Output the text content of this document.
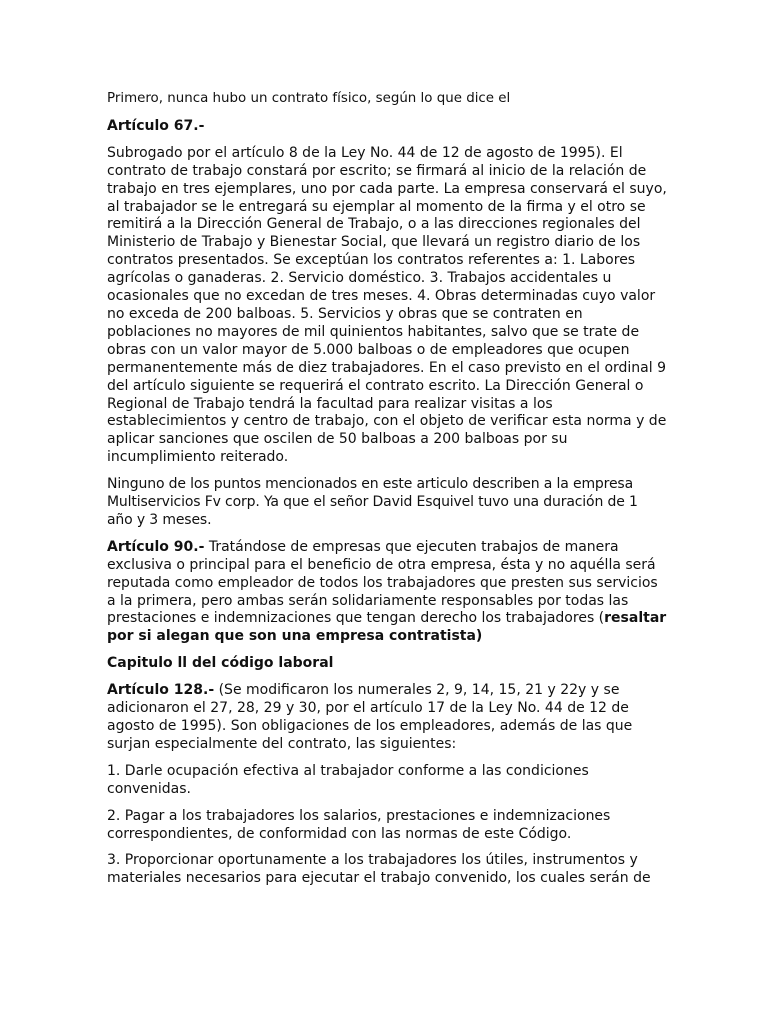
Primero, nunca hubo un contrato físico, según lo que dice el

Artículo 67.-

Subrogado por el artículo 8 de la Ley No. 44 de 12 de agosto de 1995). El contrato de trabajo constará por escrito; se firmará al inicio de la relación de trabajo en tres ejemplares, uno por cada parte. La empresa conservará el suyo, al trabajador se le entregará su ejemplar al momento de la firma y el otro se remitirá a la Dirección General de Trabajo, o a las direcciones regionales del Ministerio de Trabajo y Bienestar Social, que llevará un registro diario de los contratos presentados. Se exceptúan los contratos referentes a: 1. Labores agrícolas o ganaderas. 2. Servicio doméstico. 3. Trabajos accidentales u ocasionales que no excedan de tres meses. 4. Obras determinadas cuyo valor no exceda de 200 balboas. 5. Servicios y obras que se contraten en poblaciones no mayores de mil quinientos habitantes, salvo que se trate de obras con un valor mayor de 5.000 balboas o de empleadores que ocupen permanentemente más de diez trabajadores. En el caso previsto en el ordinal 9 del artículo siguiente se requerirá el contrato escrito. La Dirección General o Regional de Trabajo tendrá la facultad para realizar visitas a los establecimientos y centro de trabajo, con el objeto de verificar esta norma y de aplicar sanciones que oscilen de 50 balboas a 200 balboas por su incumplimiento reiterado.

Ninguno de los puntos mencionados en este articulo describen a la empresa Multiservicios Fv corp. Ya que el señor David Esquivel tuvo una duración de 1 año y 3 meses.

Artículo 90.- Tratándose de empresas que ejecuten trabajos de manera exclusiva o principal para el beneficio de otra empresa, ésta y no aquélla será reputada como empleador de todos los trabajadores que presten sus servicios a la primera, pero ambas serán solidariamente responsables por todas las prestaciones e indemnizaciones que tengan derecho los trabajadores (resaltar por si alegan que son una empresa contratista)

Capitulo ll del código laboral

Artículo 128.- (Se modificaron los numerales 2, 9, 14, 15, 21 y 22y y se adicionaron el 27, 28, 29 y 30, por el artículo 17 de la Ley No. 44 de 12 de agosto de 1995). Son obligaciones de los empleadores, además de las que surjan especialmente del contrato, las siguientes:

1. Darle ocupación efectiva al trabajador conforme a las condiciones convenidas.

2. Pagar a los trabajadores los salarios, prestaciones e indemnizaciones correspondientes, de conformidad con las normas de este Código.

3. Proporcionar oportunamente a los trabajadores los útiles, instrumentos y materiales necesarios para ejecutar el trabajo convenido, los cuales serán de
